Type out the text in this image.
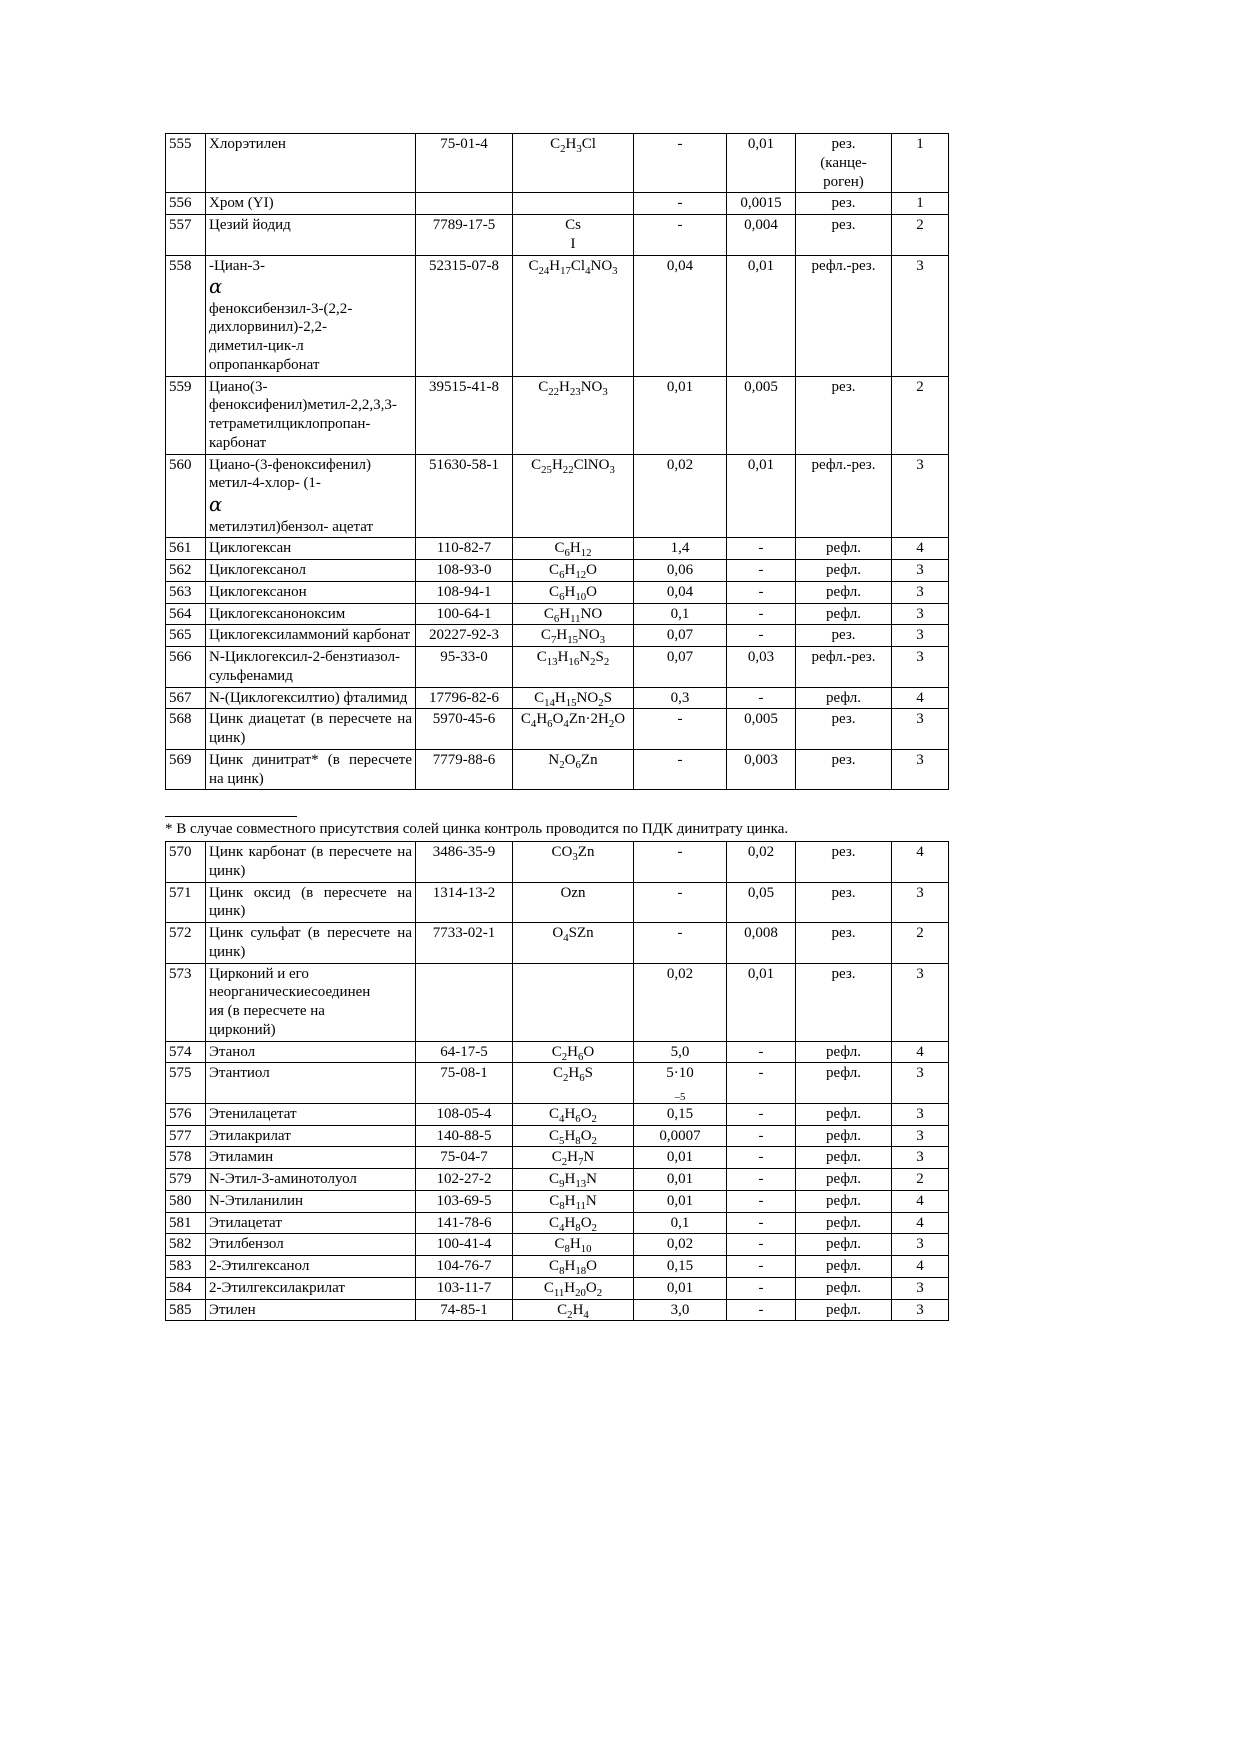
555	Хлорэтилен	75-01-4	$C_2H_3Cl$	-	0,01	рез.
(канце-
роген)	1
556	Хром (YI)			-	0,0015	рез.	1
557	Цезий йодид	7789-17-5	Cs
I	-	0,004	рез.	2
558	-Циан-3-
α
феноксибензил-3-(2,2-
дихлорвинил)-2,2-
диметил-цик-л
опропанкарбонат	52315-07-8	$C_{24}H_{17}Cl_4NO_3$	0,04	0,01	рефл.-рез.	3
559	Циано(3-феноксифенил)метил-2,2,3,3-тетраметилциклопропан-карбонат	39515-41-8	$C_{22}H_{23}NO_3$	0,01	0,005	рез.	2
560	Циано-(3-феноксифенил)
метил-4-хлор- (1-
α
метилэтил)бензол- ацетат	51630-58-1	$C_{25}H_{22}ClNO_3$	0,02	0,01	рефл.-рез.	3
561	Циклогексан	110-82-7	$C_6H_{12}$	1,4	-	рефл.	4
562	Циклогексанол	108-93-0	$C_6H_{12}O$	0,06	-	рефл.	3
563	Циклогексанон	108-94-1	$C_6H_{10}O$	0,04	-	рефл.	3
564	Циклогексаноноксим	100-64-1	$C_6H_{11}NO$	0,1	-	рефл.	3
565	Циклогексиламмоний карбонат	20227-92-3	$C_7H_{15}NO_3$	0,07	-	рез.	3
566	N-Циклогексил-2-бензтиазол-сульфенамид	95-33-0	$C_{13}H_{16}N_2S_2$	0,07	0,03	рефл.-рез.	3
567	N-(Циклогексилтио) фталимид	17796-82-6	$C_{14}H_{15}NO_2S$	0,3	-	рефл.	4
568	Цинк диацетат (в пересчете на цинк)	5970-45-6	$C_4H_6O_4Zn\cdot 2H_2O$	-	0,005	рез.	3
569	Цинк динитрат* (в пересчете на цинк)	7779-88-6	$N_2O_6Zn$	-	0,003	рез.	3
* В случае совместного присутствия солей цинка контроль проводится по ПДК динитрату цинка.
570	Цинк карбонат (в пересчете на цинк)	3486-35-9	$CO_3Zn$	-	0,02	рез.	4
571	Цинк оксид (в пересчете на цинк)	1314-13-2	Ozn	-	0,05	рез.	3
572	Цинк сульфат (в пересчете на цинк)	7733-02-1	$O_4SZn$	-	0,008	рез.	2
573	Цирконий и его
неорганическиесоединен
ия (в пересчете на
цирконий)			0,02	0,01	рез.	3
574	Этанол	64-17-5	$C_2H_6O$	5,0	-	рефл.	4
575	Этантиол	75-08-1	$C_2H_6S$	5·10
$_{-5}$	-	рефл.	3
576	Этенилацетат	108-05-4	$C_4H_6O_2$	0,15	-	рефл.	3
577	Этилакрилат	140-88-5	$C_5H_8O_2$	0,0007	-	рефл.	3
578	Этиламин	75-04-7	$C_2H_7N$	0,01	-	рефл.	3
579	N-Этил-3-аминотолуол	102-27-2	$C_9H_{13}N$	0,01	-	рефл.	2
580	N-Этиланилин	103-69-5	$C_8H_{11}N$	0,01	-	рефл.	4
581	Этилацетат	141-78-6	$C_4H_8O_2$	0,1	-	рефл.	4
582	Этилбензол	100-41-4	$C_8H_{10}$	0,02	-	рефл.	3
583	2-Этилгексанол	104-76-7	$C_8H_{18}O$	0,15	-	рефл.	4
584	2-Этилгексилакрилат	103-11-7	$C_{11}H_{20}O_2$	0,01	-	рефл.	3
585	Этилен	74-85-1	$C_2H_4$	3,0	-	рефл.	3
